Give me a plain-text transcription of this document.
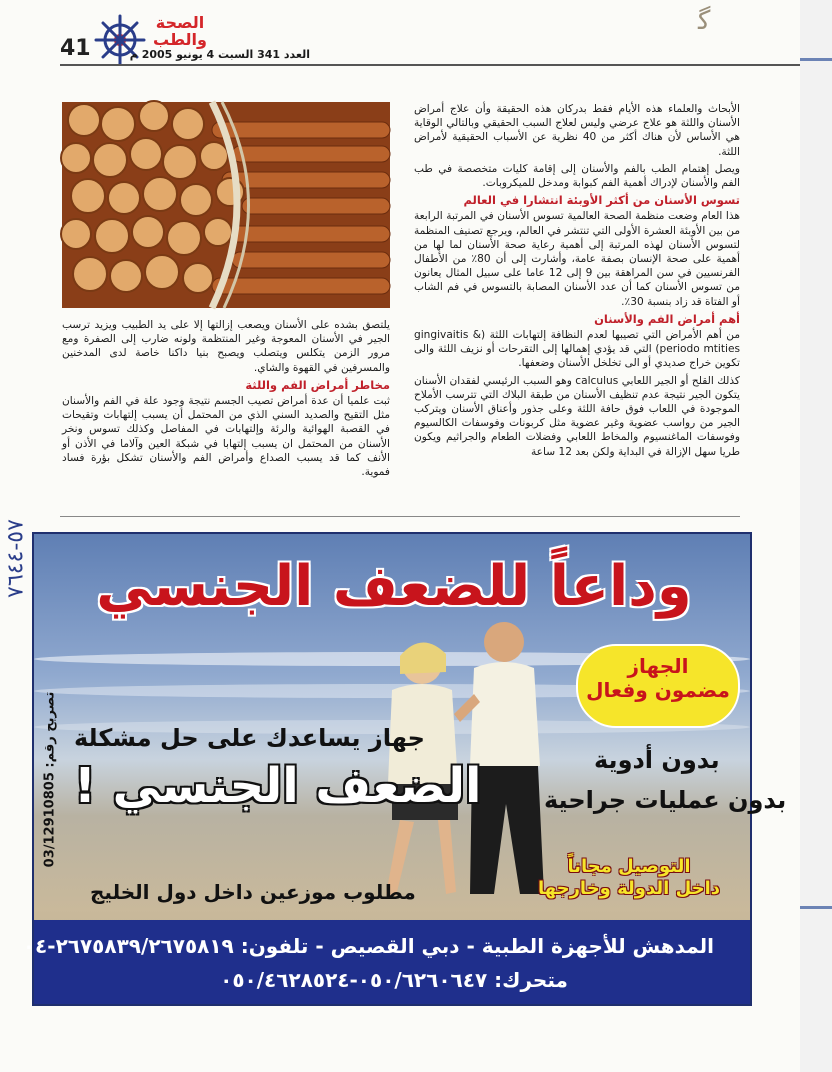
41
الصحة
والطب
العدد 341 السبت 4 يونيو 2005 م
ﮔ

الأبحاث والعلماء هذه الأيام فقط بدركان هذه الحقيقة وأن علاج أمراض الأسنان واللثة هو علاج عرضي وليس لعلاج السبب الحقيقي وبالتالي الوقاية هي الأساس لأن هناك أكثر من 40 نظرية عن الأسباب الحقيقية لأمراض اللثة.

ويصل إهتمام الطب بالفم والأسنان إلى إقامة كليات متخصصة في طب الفم والأسنان لإدراك أهمية الفم كبوابة ومدخل للميكروبات.

تسوس الأسنان من أكثر الأوبئة انتشارا في العالم

هذا العام وضعت منظمة الصحة العالمية تسوس الأسنان في المرتبة الرابعة من بين الأوبئة العشرة الأولى التي تنتشر في العالم، ويرجع تصنيف المنظمة لتسوس الأسنان لهذه المرتبة إلى أهمية رعاية صحة الأسنان لما لها من أهمية على صحة الإنسان بصفة عامة، وأشارت إلى أن 80٪ من الأطفال الفرنسيين في سن المراهقة بين 9 إلى 12 عاما على سبيل المثال يعانون من تسوس الأسنان كما أن عدد الأسنان المصابة بالتسوس في فم الشاب أو الفتاة قد زاد بنسبة 30٪.

أهم أمراض الفم والأسنان

من أهم الأمراض التي تصيبها لعدم النظافة إلتهابات اللثة (gingivaitis & periodo mtities) التي قد يؤدي إهمالها إلى التقرحات أو نزيف اللثة والى تكوين خراج صديدي أو الى تخلخل الأسنان وضعفها.

كذلك القلح أو الجير اللعابي calculus وهو السبب الرئيسي لفقدان الأسنان يتكون الجير نتيجة عدم تنظيف الأسنان من طبقة البلاك التي تترسب الأملاح الموجودة في اللعاب فوق حافة اللثة وعلى جذور وأعناق الأسنان ويتركب الجير من رواسب عضوية وغير عضوية مثل كربونات وفوسفات الكالسيوم وفوسفات الماغنسيوم والمخاط اللعابي وفضلات الطعام والجراثيم ويكون طريا سهل الإزالة في البداية ولكن بعد 12 ساعة

يلتصق بشده على الأسنان ويصعب إزالتها إلا على يد الطبيب ويزيد ترسب الجير في الأسنان المعوجة وغير المنتظمة ولونه ضارب إلى الصفرة ومع مرور الزمن يتكلس ويتصلب ويصبح بنيا داكنا خاصة لدى المدخنين والمسرفين في القهوة والشاي.

مخاطر أمراض الفم واللثة

ثبت علميا أن عدة أمراض تصيب الجسم نتيجة وجود علة في الفم والأسنان مثل التقيح والصديد السني الذي من المحتمل أن يسبب إلتهابات وتقيحات في القصبة الهوائية والرئة وإلتهابات في المفاصل وكذلك تسوس ونخر الأسنان من المحتمل ان يسبب إلتهابا في شبكة العين وآلاما في الأذن أو الأنف كما قد يسبب الصداع وأمراض الفم والأسنان تشكل بؤرة فساد فموية.

وداعاً للضعف الجنسي
الجهاز
مضمون وفعال
جهاز يساعدك على حل مشكلة
الضعف الجنسي !	بدون أدوية
بدون عمليات جراحية
التوصيل مجاناً
داخل الدولة وخارجها
مطلوب موزعين داخل دول الخليج
تصريح رقم: 03/12910805
المدهش للأجهزة الطبية - دبي القصيص - تلفون: ٢٦٧٥٨٣٩/٢٦٧٥٨١٩-٠٤
متحرك: ٠٥٠/٦٢٦٠٦٤٧-٠٥٠/٤٦٢٨٥٢٤
٥٧-٧٦٤٤
